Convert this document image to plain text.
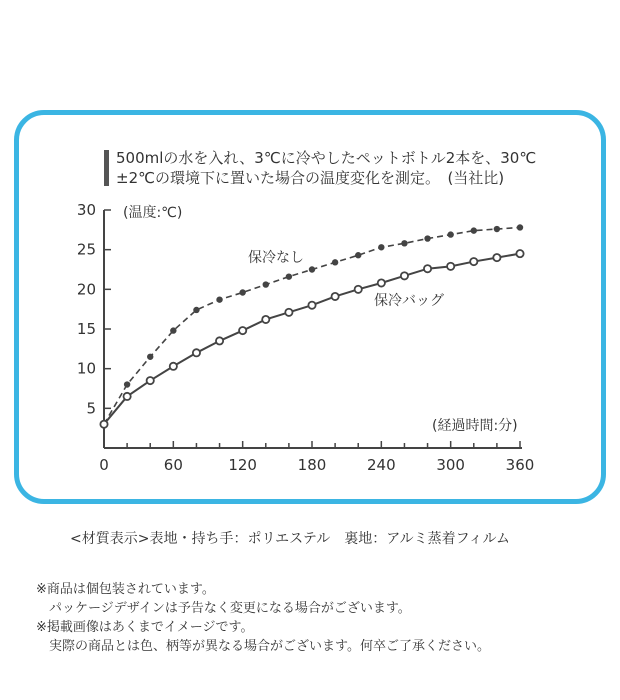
500mlの水を入れ、3℃に冷やしたペットボトル2本を、30℃
±2℃の環境下に置いた場合の温度変化を測定。　(当社比)
0	60	120	180	240	300	360
5
10
15
20
25
30
保冷なし
保冷バッグ
(温度:℃)
(経過時間:分)
<材質表示>表地・持ち手：ポリエステル　裏地：アルミ蒸着フィルム
※商品は個包装されています。
　パッケージデザインは予告なく変更になる場合がございます。
※掲載画像はあくまでイメージです。
　実際の商品とは色、柄等が異なる場合がございます。何卒ご了承ください。
